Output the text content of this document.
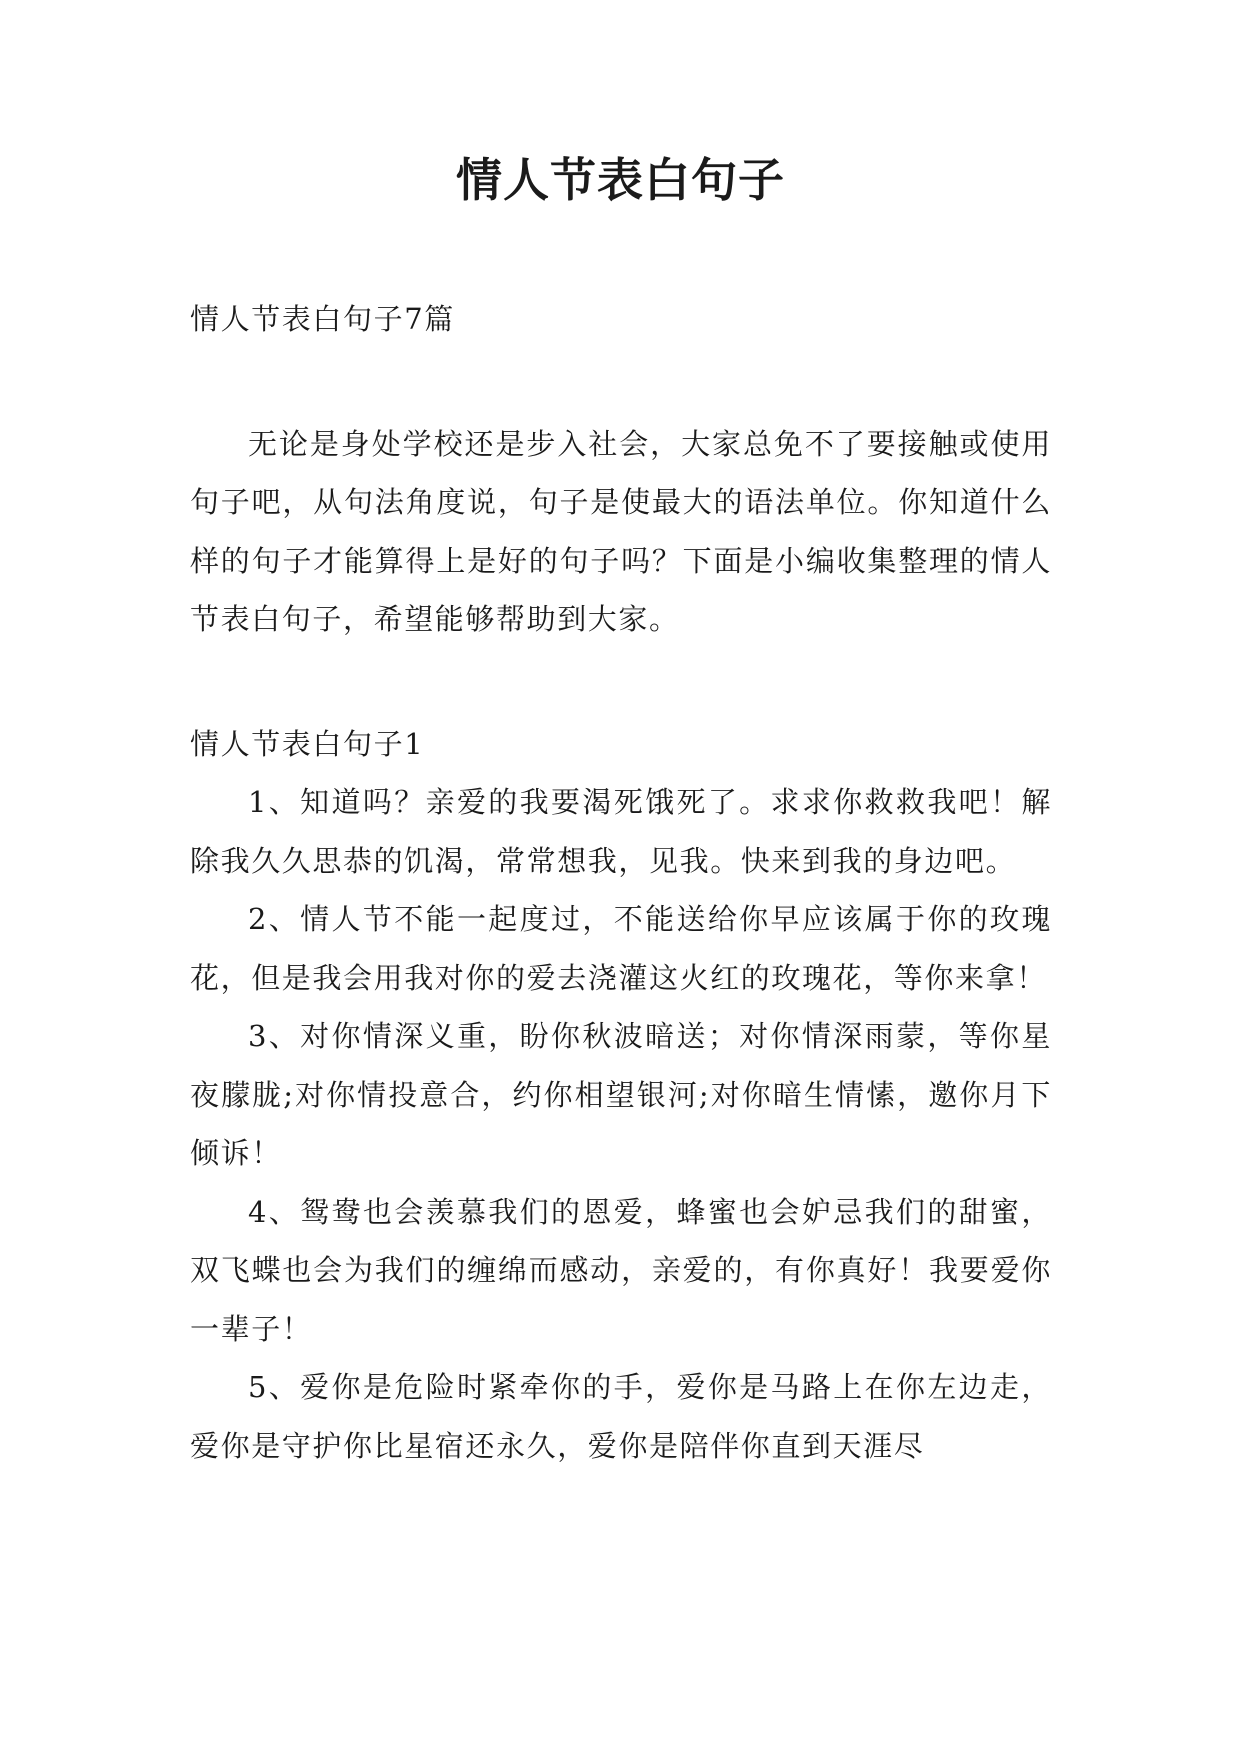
情人节表白句子

情人节表白句子7篇

无论是身处学校还是步入社会，大家总免不了要接触或使用句子吧，从句法角度说，句子是使最大的语法单位。你知道什么样的句子才能算得上是好的句子吗？下面是小编收集整理的情人节表白句子，希望能够帮助到大家。

情人节表白句子1

1、知道吗？亲爱的我要渴死饿死了。求求你救救我吧！解除我久久思恭的饥渴，常常想我，见我。快来到我的身边吧。

2、情人节不能一起度过，不能送给你早应该属于你的玫瑰花，但是我会用我对你的爱去浇灌这火红的玫瑰花，等你来拿！

3、对你情深义重，盼你秋波暗送；对你情深雨蒙，等你星夜朦胧;对你情投意合，约你相望银河;对你暗生情愫，邀你月下倾诉！

4、鸳鸯也会羡慕我们的恩爱，蜂蜜也会妒忌我们的甜蜜，双飞蝶也会为我们的缠绵而感动，亲爱的，有你真好！我要爱你一辈子！

5、爱你是危险时紧牵你的手，爱你是马路上在你左边走，爱你是守护你比星宿还永久，爱你是陪伴你直到天涯尽
